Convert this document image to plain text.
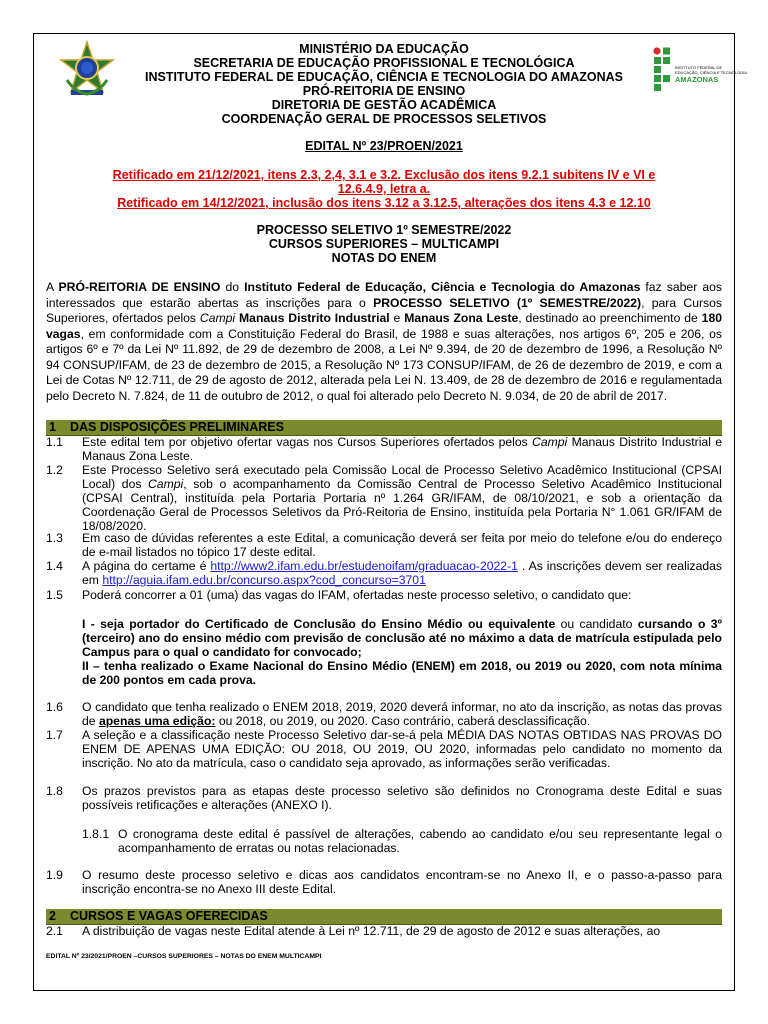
INSTITUTO FEDERAL DE
EDUCAÇÃO, CIÊNCIA E TECNOLOGIA
AMAZONAS
MINISTÉRIO DA EDUCAÇÃO
SECRETARIA DE EDUCAÇÃO PROFISSIONAL E TECNOLÓGICA
INSTITUTO FEDERAL DE EDUCAÇÃO, CIÊNCIA E TECNOLOGIA DO AMAZONAS
PRÓ-REITORIA DE ENSINO
DIRETORIA DE GESTÃO ACADÊMICA
COORDENAÇÃO GERAL DE PROCESSOS SELETIVOS
EDITAL Nº 23/PROEN/2021
Retificado em 21/12/2021, itens 2.3, 2,4, 3.1 e 3.2. Exclusão dos itens 9.2.1 subitens IV e VI e
12.6.4.9, letra a.
Retificado em 14/12/2021, inclusão dos itens 3.12 a 3.12.5, alterações dos itens 4.3 e 12.10
PROCESSO SELETIVO 1º SEMESTRE/2022
CURSOS SUPERIORES – MULTICAMPI
NOTAS DO ENEM
A PRÓ-REITORIA DE ENSINO do Instituto Federal de Educação, Ciência e Tecnologia do Amazonas faz saber aos interessados que estarão abertas as inscrições para o PROCESSO SELETIVO (1º SEMESTRE/2022), para Cursos Superiores, ofertados pelos Campi Manaus Distrito Industrial e Manaus Zona Leste, destinado ao preenchimento de 180 vagas, em conformidade com a Constituição Federal do Brasil, de 1988 e suas alterações, nos artigos 6º, 205 e 206, os artigos 6º e 7º da Lei Nº 11.892, de 29 de dezembro de 2008, a Lei Nº 9.394, de 20 de dezembro de 1996, a Resolução Nº 94 CONSUP/IFAM, de 23 de dezembro de 2015, a Resolução Nº 173 CONSUP/IFAM, de 26 de dezembro de 2019, e com a Lei de Cotas Nº 12.711, de 29 de agosto de 2012, alterada pela Lei N. 13.409, de 28 de dezembro de 2016 e regulamentada pelo Decreto N. 7.824, de 11 de outubro de 2012, o qual foi alterado pelo Decreto N. 9.034, de 20 de abril de 2017.
1 DAS DISPOSIÇÕES PRELIMINARES
1.1	Este edital tem por objetivo ofertar vagas nos Cursos Superiores ofertados pelos Campi Manaus Distrito Industrial e Manaus Zona Leste.
1.2	Este Processo Seletivo será executado pela Comissão Local de Processo Seletivo Acadêmico Institucional (CPSAI Local) dos Campi, sob o acompanhamento da Comissão Central de Processo Seletivo Acadêmico Institucional (CPSAI Central), instituída pela Portaria Portaria nº 1.264 GR/IFAM, de 08/10/2021, e sob a orientação da Coordenação Geral de Processos Seletivos da Pró-Reitoria de Ensino, instituída pela Portaria N° 1.061 GR/IFAM de 18/08/2020.
1.3	Em caso de dúvidas referentes a este Edital, a comunicação deverá ser feita por meio do telefone e/ou do endereço de e-mail listados no tópico 17 deste edital.
1.4	A página do certame é http://www2.ifam.edu.br/estudenoifam/graduacao-2022-1 . As inscrições devem ser realizadas em http://aguia.ifam.edu.br/concurso.aspx?cod_concurso=3701
1.5	Poderá concorrer a 01 (uma) das vagas do IFAM, ofertadas neste processo seletivo, o candidato que:
I - seja portador do Certificado de Conclusão do Ensino Médio ou equivalente ou candidato cursando o 3º (terceiro) ano do ensino médio com previsão de conclusão até no máximo a data de matrícula estipulada pelo Campus para o qual o candidato for convocado;
II – tenha realizado o Exame Nacional do Ensino Médio (ENEM) em 2018, ou 2019 ou 2020, com nota mínima de 200 pontos em cada prova.
1.6	O candidato que tenha realizado o ENEM 2018, 2019, 2020 deverá informar, no ato da inscrição, as notas das provas de apenas uma edição: ou 2018, ou 2019, ou 2020. Caso contrário, caberá desclassificação.
1.7	A seleção e a classificação neste Processo Seletivo dar-se-á pela MÉDIA DAS NOTAS OBTIDAS NAS PROVAS DO ENEM DE APENAS UMA EDIÇÃO: OU 2018, OU 2019, OU 2020, informadas pelo candidato no momento da inscrição. No ato da matrícula, caso o candidato seja aprovado, as informações serão verificadas.
1.8	Os prazos previstos para as etapas deste processo seletivo são definidos no Cronograma deste Edital e suas possíveis retificações e alterações (ANEXO I).
1.8.1 O cronograma deste edital é passível de alterações, cabendo ao candidato e/ou seu representante legal o acompanhamento de erratas ou notas relacionadas.
1.9	O resumo deste processo seletivo e dicas aos candidatos encontram-se no Anexo II, e o passo-a-passo para inscrição encontra-se no Anexo III deste Edital.
2 CURSOS E VAGAS OFERECIDAS
2.1	A distribuição de vagas neste Edital atende à Lei nº 12.711, de 29 de agosto de 2012 e suas alterações, ao
EDITAL Nº 23/2021/PROEN –CURSOS SUPERIORES – NOTAS DO ENEM MULTICAMPI
